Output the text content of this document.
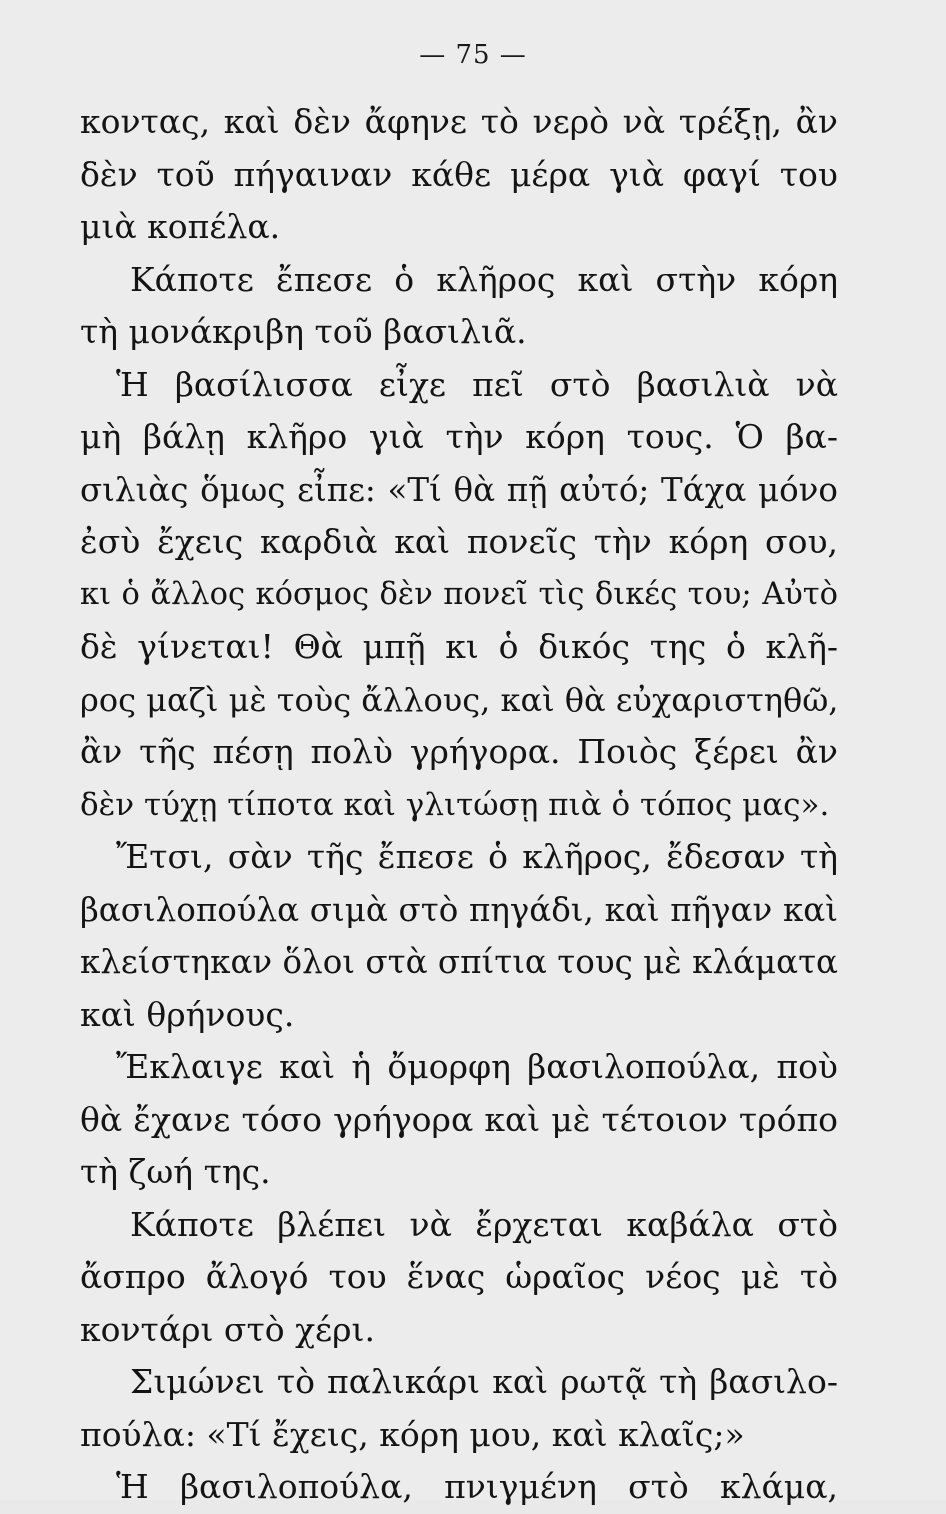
— 75 —
κοντας, καὶ δὲν ἄφηνε τὸ νερὸ νὰ τρέξῃ, ἂν
δὲν τοῦ πήγαιναν κάθε μέρα γιὰ φαγί του
μιὰ κοπέλα.
Κάποτε ἔπεσε ὁ κλῆρος καὶ στὴν κόρη
τὴ μονάκριβη τοῦ βασιλιᾶ.
Ἡ βασίλισσα εἶχε πεῖ στὸ βασιλιὰ νὰ
μὴ βάλῃ κλῆρο γιὰ τὴν κόρη τους. Ὁ βα-
σιλιὰς ὅμως εἶπε: «Τί θὰ πῇ αὐτό; Τάχα μόνο
ἐσὺ ἔχεις καρδιὰ καὶ πονεῖς τὴν κόρη σου,
κι ὁ ἄλλος κόσμος δὲν πονεῖ τὶς δικές του; Αὐτὸ
δὲ γίνεται! Θὰ μπῇ κι ὁ δικός της ὁ κλῆ-
ρος μαζὶ μὲ τοὺς ἄλλους, καὶ θὰ εὐχαριστηθῶ,
ἂν τῆς πέσῃ πολὺ γρήγορα. Ποιὸς ξέρει ἂν
δὲν τύχῃ τίποτα καὶ γλιτώσῃ πιὰ ὁ τόπος μας».
Ἔτσι, σὰν τῆς ἔπεσε ὁ κλῆρος, ἔδεσαν τὴ
βασιλοπούλα σιμὰ στὸ πηγάδι, καὶ πῆγαν καὶ
κλείστηκαν ὅλοι στὰ σπίτια τους μὲ κλάματα
καὶ θρήνους.
Ἔκλαιγε καὶ ἡ ὄμορφη βασιλοπούλα, ποὺ
θὰ ἔχανε τόσο γρήγορα καὶ μὲ τέτοιον τρόπο
τὴ ζωή της.
Κάποτε βλέπει νὰ ἔρχεται καβάλα στὸ
ἄσπρο ἄλογό του ἕνας ὡραῖος νέος μὲ τὸ
κοντάρι στὸ χέρι.
Σιμώνει τὸ παλικάρι καὶ ρωτᾷ τὴ βασιλο-
πούλα: «Τί ἔχεις, κόρη μου, καὶ κλαῖς;»
Ἡ βασιλοπούλα, πνιγμένη στὸ κλάμα,
